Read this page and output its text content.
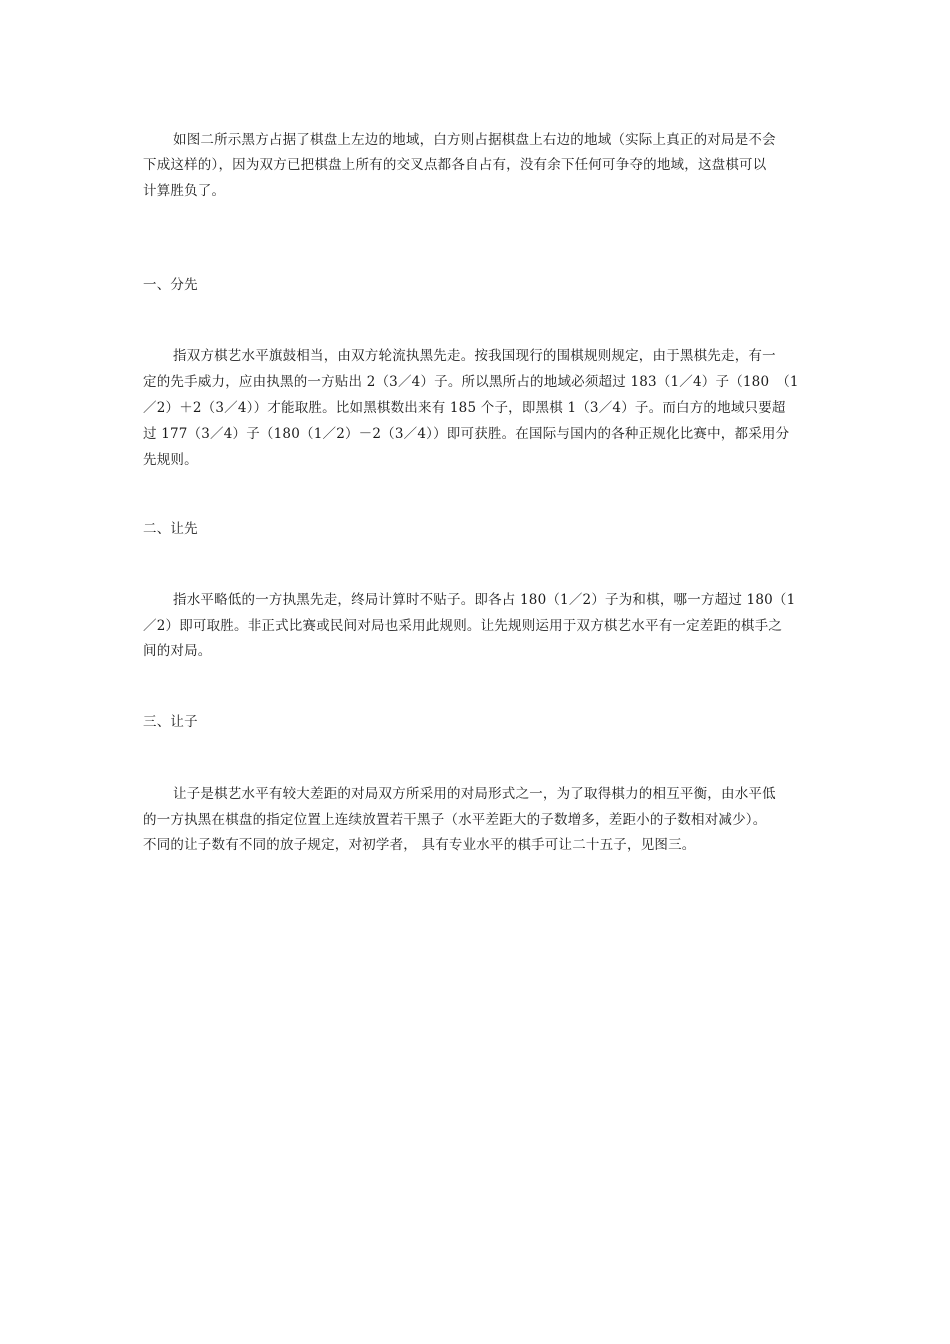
如图二所示黑方占据了棋盘上左边的地域，白方则占据棋盘上右边的地域（实际上真正的对局是不会
下成这样的），因为双方已把棋盘上所有的交叉点都各自占有，没有余下任何可争夺的地域，这盘棋可以
计算胜负了。
一、分先
指双方棋艺水平旗鼓相当，由双方轮流执黑先走。按我国现行的围棋规则规定，由于黑棋先走，有一
定的先手威力，应由执黑的一方贴出 2（3／4）子。所以黑所占的地域必须超过 183（1／4）子（180　（1
／2）＋2（3／4））才能取胜。比如黑棋数出来有 185 个子，即黑棋 1（3／4）子。而白方的地域只要超
过 177（3／4）子（180（1／2）－2（3／4））即可获胜。在国际与国内的各种正规化比赛中，都采用分
先规则。
二、让先
指水平略低的一方执黑先走，终局计算时不贴子。即各占 180（1／2）子为和棋，哪一方超过 180（1
／2）即可取胜。非正式比赛或民间对局也采用此规则。让先规则运用于双方棋艺水平有一定差距的棋手之
间的对局。
三、让子
让子是棋艺水平有较大差距的对局双方所采用的对局形式之一，为了取得棋力的相互平衡，由水平低
的一方执黑在棋盘的指定位置上连续放置若干黑子（水平差距大的子数增多，差距小的子数相对减少）。
不同的让子数有不同的放子规定，对初学者， 具有专业水平的棋手可让二十五子，见图三。
